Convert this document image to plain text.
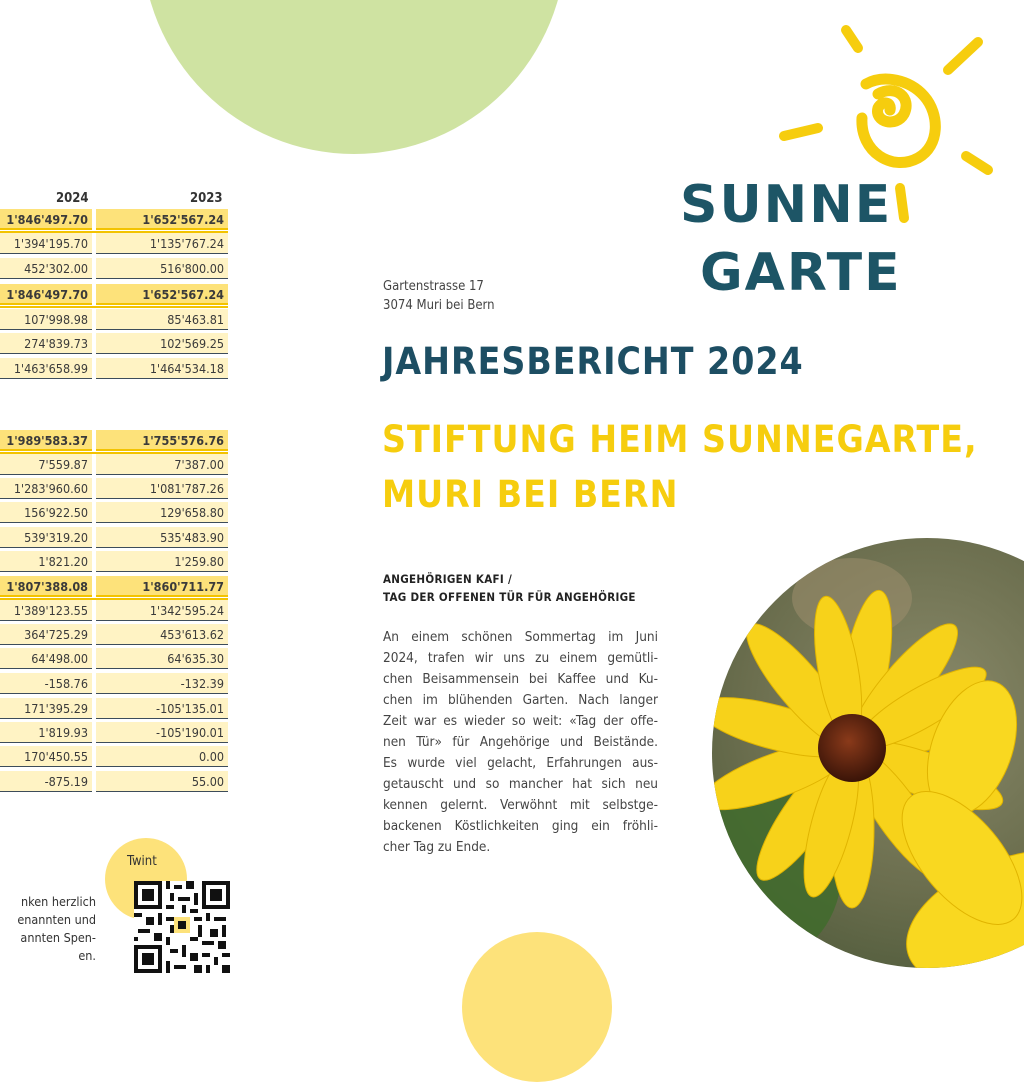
2024	2023
1'846'497.70	1'652'567.24
1'394'195.70	1'135'767.24
452'302.00	516'800.00
1'846'497.70	1'652'567.24
107'998.98	85'463.81
274'839.73	102'569.25
1'463'658.99	1'464'534.18
1'989'583.37	1'755'576.76
7'559.87	7'387.00
1'283'960.60	1'081'787.26
156'922.50	129'658.80
539'319.20	535'483.90
1'821.20	1'259.80
1'807'388.08	1'860'711.77
1'389'123.55	1'342'595.24
364'725.29	453'613.62
64'498.00	64'635.30
-158.76	-132.39
171'395.29	-105'135.01
1'819.93	-105'190.01
170'450.55	0.00
-875.19	55.00
Twint
nken herzlich
enannten und
annten Spen-
en.
SUNNE
GARTE
Gartenstrasse 17
3074 Muri bei Bern
JAHRESBERICHT 2024
STIFTUNG HEIM SUNNEGARTE,
MURI BEI BERN
ANGEHÖRIGEN KAFI /
TAG DER OFFENEN TÜR FÜR ANGEHÖRIGE
An einem schönen Sommertag im Juni
2024, trafen wir uns zu einem gemütli-
chen Beisammensein bei Kaffee und Ku-
chen im blühenden Garten. Nach langer
Zeit war es wieder so weit: «Tag der offe-
nen Tür» für Angehörige und Beistände.
Es wurde viel gelacht, Erfahrungen aus-
getauscht und so mancher hat sich neu
kennen gelernt. Verwöhnt mit selbstge-
backenen Köstlichkeiten ging ein fröhli-
cher Tag zu Ende.
